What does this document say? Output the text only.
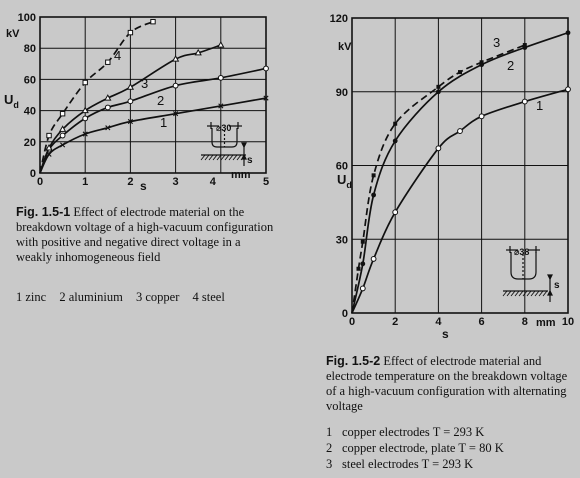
0	1	2	3	5
4
0
20
40
60
80
100
kV
$U_d$
mm
s
1
2
3
4
⌀30
s
Fig. 1.5-1 Effect of electrode material on the breakdown voltage of a high-vacuum configuration with positive and negative direct voltage in a weakly inhomogeneous field
1 zinc 2 aluminium 3 copper 4 steel
0	2	4	6	8	10
0
30
60
90
120
kV
$U_d$
mm
s
1
2
3
⌀38
s
Fig. 1.5-2 Effect of electrode material and electrode temperature on the breakdown voltage of a high-vacuum configuration with alternating voltage
1 copper electrodes T = 293 K
2 copper electrode, plate T = 80 K
3 steel electrodes T = 293 K
